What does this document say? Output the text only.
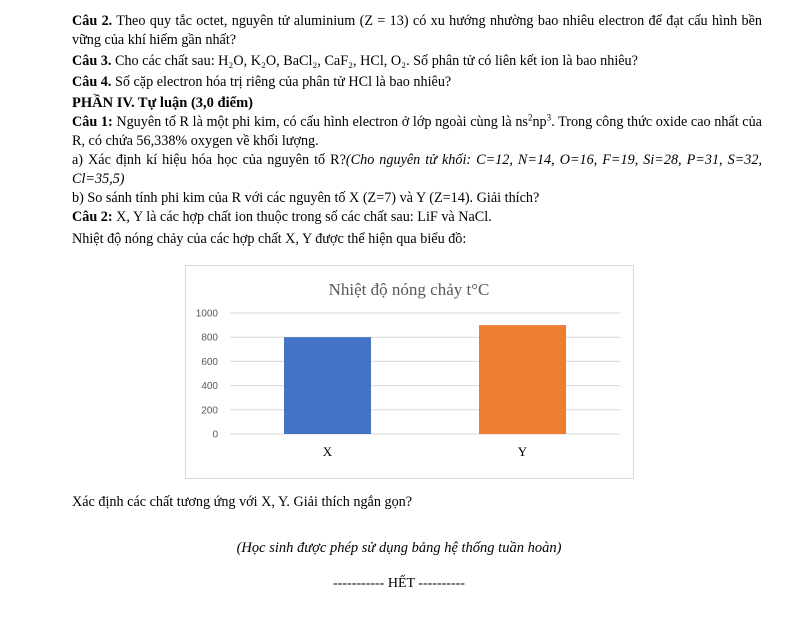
Câu 2. Theo quy tắc octet, nguyên tử aluminium (Z = 13) có xu hướng nhường bao nhiêu electron để đạt cấu hình bền vững của khí hiếm gần nhất?

Câu 3. Cho các chất sau: H₂O, K₂O, BaCl₂, CaF₂, HCl, O₂. Số phân tử có liên kết ion là bao nhiêu?

Câu 4. Số cặp electron hóa trị riêng của phân tử HCl là bao nhiêu?

PHẦN IV. Tự luận (3,0 điểm)

Câu 1: Nguyên tố R là một phi kim, có cấu hình electron ở lớp ngoài cùng là $ns^2np^3$. Trong công thức oxide cao nhất của R, có chứa 56,338% oxygen về khối lượng.

a) Xác định kí hiệu hóa học của nguyên tố R?(Cho nguyên tử khối: C=12, N=14, O=16, F=19, Si=28, P=31, S=32, Cl=35,5)

b) So sánh tính phi kim của R với các nguyên tố X (Z=7) và Y (Z=14). Giải thích?

Câu 2: X, Y là các hợp chất ion thuộc trong số các chất sau: LiF và NaCl.

Nhiệt độ nóng chảy của các hợp chất X, Y được thể hiện qua biểu đồ:

Nhiệt độ nóng chảy t°C
0
200
400
600
800
1000
X	Y

Xác định các chất tương ứng với X, Y. Giải thích ngắn gọn?

(Học sinh được phép sử dụng bảng hệ thống tuần hoàn)

----------- HẾT ----------
